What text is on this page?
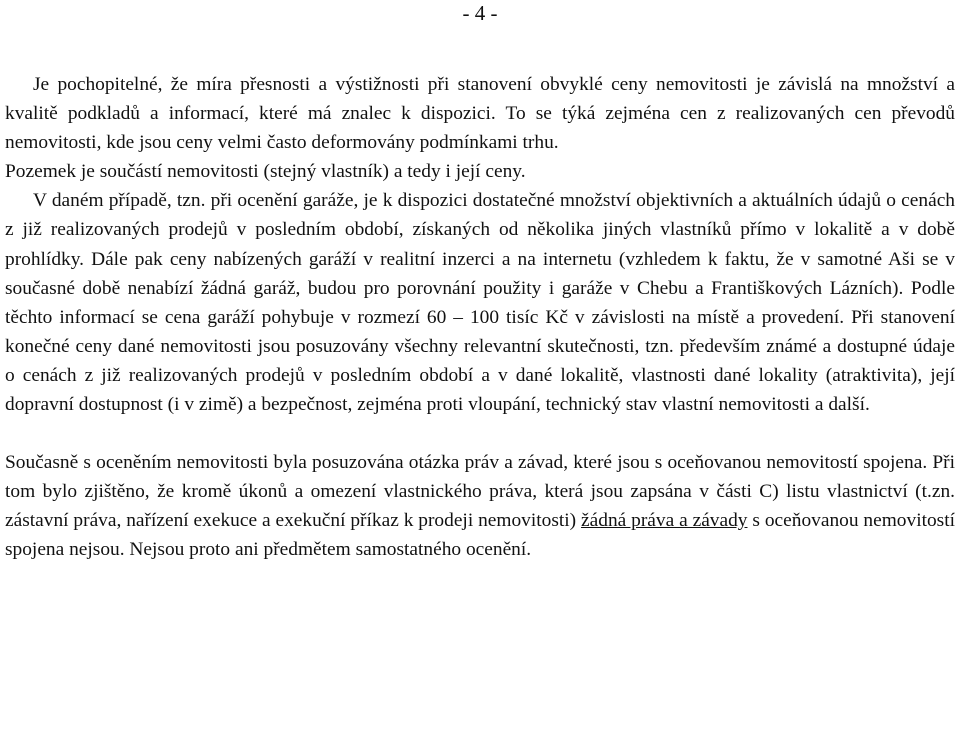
- 4 -

Je pochopitelné, že míra přesnosti a výstižnosti při stanovení obvyklé ceny nemovitosti je závislá na množství a kvalitě podkladů a informací, které má znalec k dispozici. To se týká zejména cen z realizovaných cen převodů nemovitosti, kde jsou ceny velmi často deformovány podmínkami trhu.

Pozemek je součástí nemovitosti (stejný vlastník) a tedy i její ceny.

V daném případě, tzn. při ocenění garáže, je k dispozici dostatečné množství objektivních a aktuálních údajů o cenách z již realizovaných prodejů v posledním období, získaných od několika jiných vlastníků přímo v lokalitě a v době prohlídky. Dále pak ceny nabízených garáží v realitní inzerci a na internetu (vzhledem k faktu, že v samotné Aši se v současné době nenabízí žádná garáž, budou pro porovnání použity i garáže v Chebu a Františkových Lázních). Podle těchto informací se cena garáží pohybuje v rozmezí 60 – 100 tisíc Kč v závislosti na místě a provedení. Při stanovení konečné ceny dané nemovitosti jsou posuzovány všechny relevantní skutečnosti, tzn. především známé a dostupné údaje o cenách z již realizovaných prodejů v posledním období a v dané lokalitě, vlastnosti dané lokality (atraktivita), její dopravní dostupnost (i v zimě) a bezpečnost, zejména proti vloupání, technický stav vlastní nemovitosti a další.

Současně s oceněním nemovitosti byla posuzována otázka práv a závad, které jsou s oceňovanou nemovitostí spojena. Při tom bylo zjištěno, že kromě úkonů a omezení vlastnického práva, která jsou zapsána v části C) listu vlastnictví (t.zn. zástavní práva, nařízení exekuce a exekuční příkaz k prodeji nemovitosti) žádná práva a závady s oceňovanou nemovitostí spojena nejsou. Nejsou proto ani předmětem samostatného ocenění.
